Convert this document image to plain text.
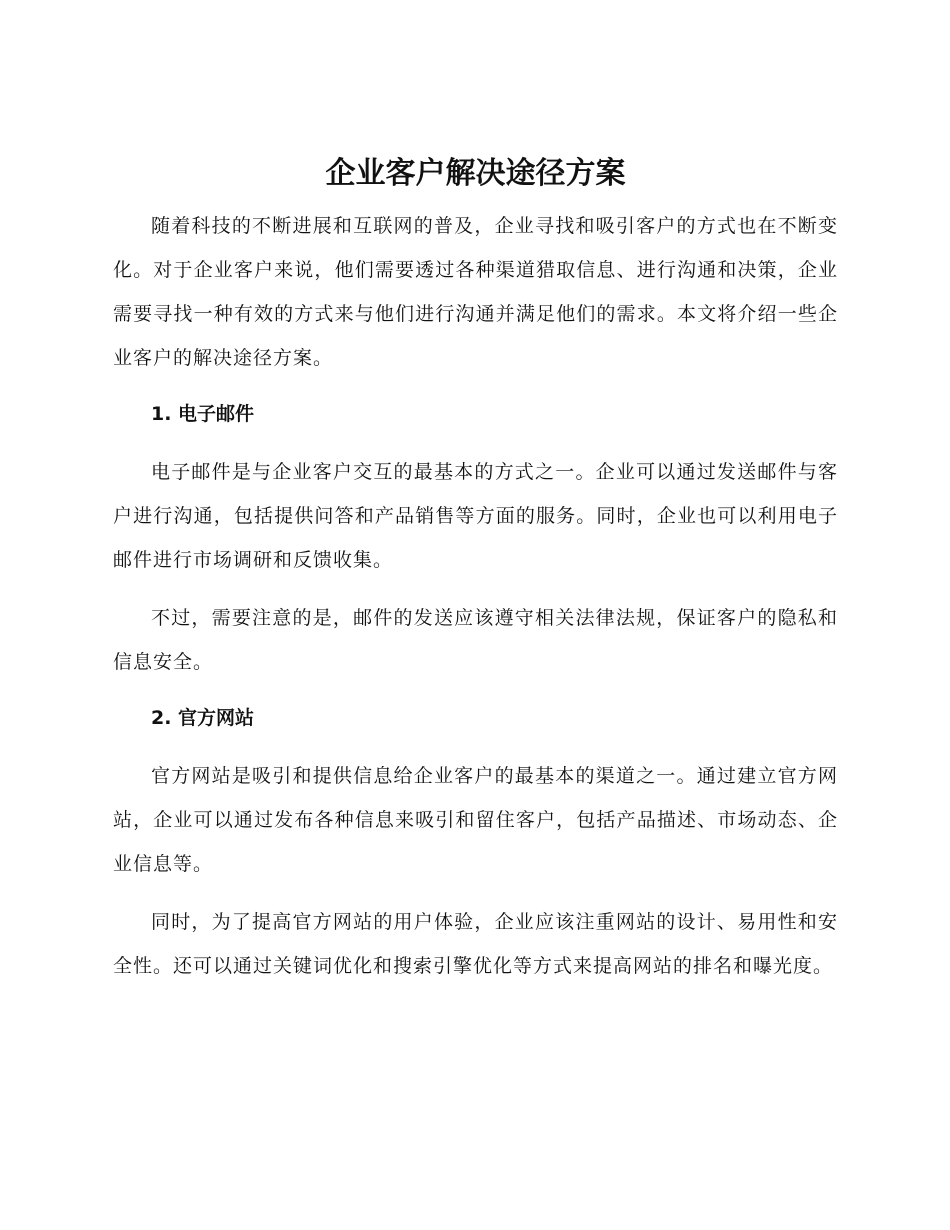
企业客户解决途径方案

随着科技的不断进展和互联网的普及，企业寻找和吸引客户的方式也在不断变化。对于企业客户来说，他们需要透过各种渠道猎取信息、进行沟通和决策，企业需要寻找一种有效的方式来与他们进行沟通并满足他们的需求。本文将介绍一些企业客户的解决途径方案。

1. 电子邮件

电子邮件是与企业客户交互的最基本的方式之一。企业可以通过发送邮件与客户进行沟通，包括提供问答和产品销售等方面的服务。同时，企业也可以利用电子邮件进行市场调研和反馈收集。

不过，需要注意的是，邮件的发送应该遵守相关法律法规，保证客户的隐私和信息安全。

2. 官方网站

官方网站是吸引和提供信息给企业客户的最基本的渠道之一。通过建立官方网站，企业可以通过发布各种信息来吸引和留住客户，包括产品描述、市场动态、企业信息等。

同时，为了提高官方网站的用户体验，企业应该注重网站的设计、易用性和安全性。还可以通过关键词优化和搜索引擎优化等方式来提高网站的排名和曝光度。
